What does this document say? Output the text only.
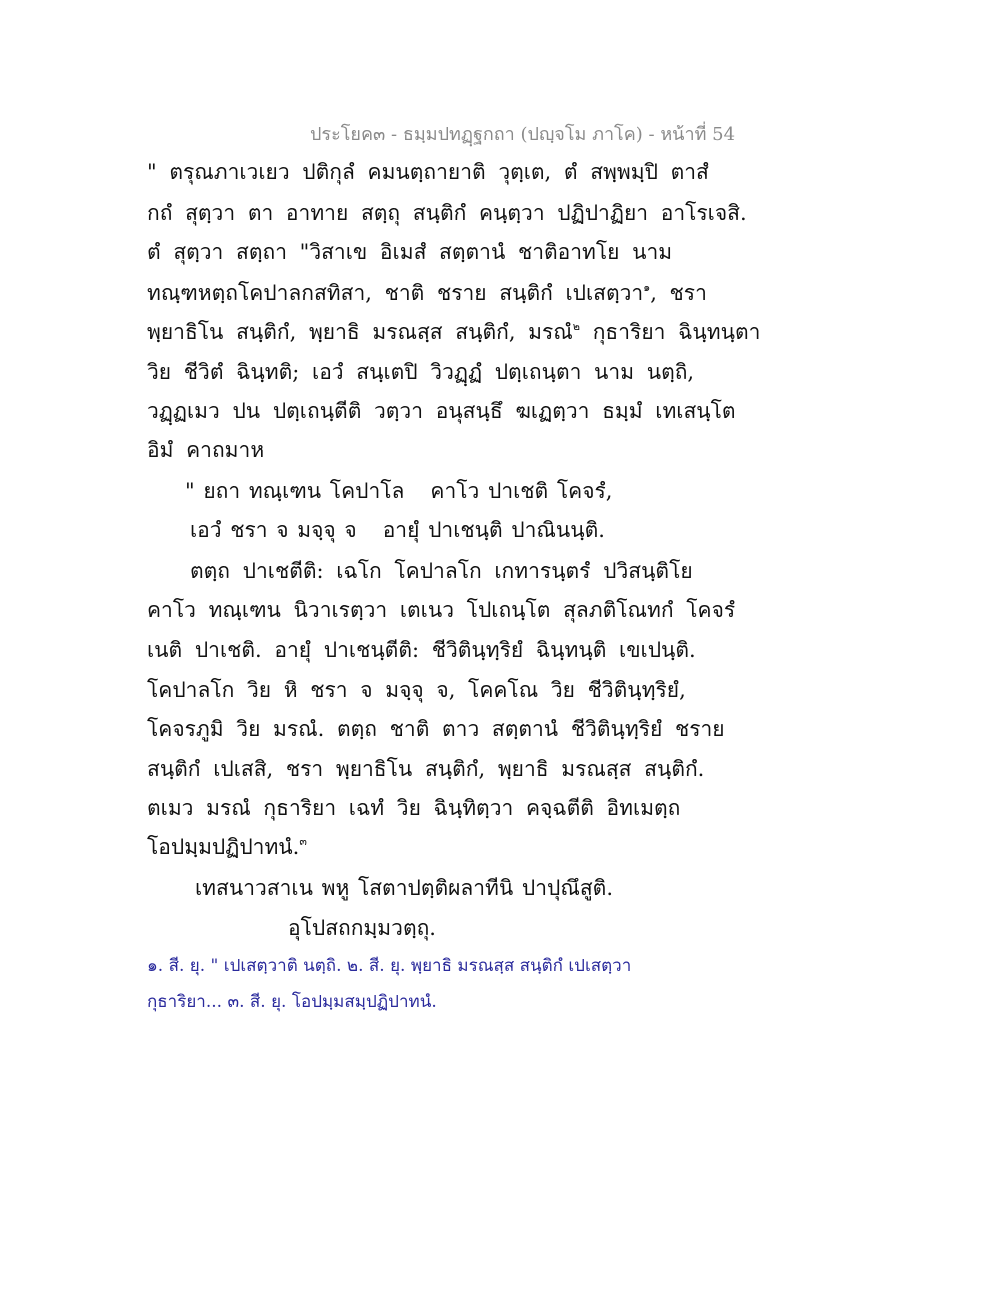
ประโยค๓ - ธมฺมปทฏฺฐกถา (ปญฺจโม ภาโค) - หน้าที่ 54
" ตรุณภาเวเยว ปติกุลํ คมนตฺถายาติ วุตฺเต, ตํ สพฺพมฺปิ ตาสํ
กถํ สุตฺวา ตา อาทาย สตฺถุ สนฺติกํ คนฺตฺวา ปฏิปาฏิยา อาโรเจสิ.
ตํ สุตฺวา สตฺถา "วิสาเข อิเมสํ สตฺตานํ ชาติอาทโย นาม
ทณฺฑหตฺถโคปาลกสทิสา, ชาติ ชราย สนฺติกํ เปเสตฺวา$^๑$, ชรา
พฺยาธิโน สนฺติกํ, พฺยาธิ มรณสฺส สนฺติกํ, มรณํ$^๒$ กุธาริยา ฉินฺทนฺตา
วิย ชีวิตํ ฉินฺทติ; เอวํ สนฺเตปิ วิวฏฺฏํ ปตฺเถนฺตา นาม นตฺถิ,
วฏฺฏเมว ปน ปตฺเถนฺตีติ วตฺวา อนุสนฺธึ ฆเฏตฺวา ธมฺมํ เทเสนฺโต
อิมํ คาถมาห
" ยถา ทณฺเฑน โคปาโล   คาโว ปาเชติ โคจรํ,
เอวํ ชรา จ มจฺจุ จ   อายุํ ปาเชนฺติ ปาณินนฺติ.
ตตฺถ ปาเชตีติ: เฉโก โคปาลโก เกทารนฺตรํ ปวิสนฺติโย
คาโว ทณฺเฑน นิวาเรตฺวา เตเนว โปเถนฺโต สุลภติโณทกํ โคจรํ
เนติ ปาเชติ. อายุํ ปาเชนฺตีติ: ชีวิตินฺทฺริยํ ฉินฺทนฺติ เขเปนฺติ.
โคปาลโก วิย หิ ชรา จ มจฺจุ จ, โคคโณ วิย ชีวิตินฺทฺริยํ,
โคจรภูมิ วิย มรณํ. ตตฺถ ชาติ ตาว สตฺตานํ ชีวิตินฺทฺริยํ ชราย
สนฺติกํ เปเสสิ, ชรา พฺยาธิโน สนฺติกํ, พฺยาธิ มรณสฺส สนฺติกํ.
ตเมว มรณํ กุธาริยา เฉทํ วิย ฉินฺทิตฺวา คจฺฉตีติ อิทเมตฺถ
โอปมฺมปฏิปาทนํ.$^๓$
เทสนาวสาเน พหู โสตาปตฺติผลาทีนิ ปาปุณึสูติ.
อุโปสถกมฺมวตฺถุ.
๑. สี. ยุ. " เปเสตฺวาติ นตฺถิ. ๒. สี. ยุ. พฺยาธิ มรณสฺส สนฺติกํ เปเสตฺวา
กุธาริยา... ๓. สี. ยุ. โอปมฺมสมฺปฏิปาทนํ.
